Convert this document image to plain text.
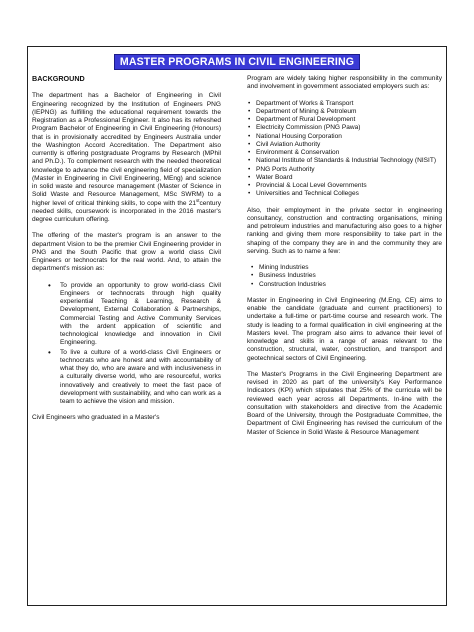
MASTER PROGRAMS IN CIVIL ENGINEERING
BACKGROUND

The department has a Bachelor of Engineering in Civil Engineering recognized by the Institution of Engineers PNG (IEPNG) as fulfilling the educational requirement towards the Registration as a Professional Engineer. It also has its refreshed Program Bachelor of Engineering in Civil Engineering (Honours) that is in provisionally accredited by Engineers Australia under the Washington Accord Accreditation. The Department also currently is offering postgraduate Programs by Research (MPhil and Ph.D.). To complement research with the needed theoretical knowledge to advance the civil engineering field of specialization (Master in Engineering in Civil Engineering, MEng) and science in solid waste and resource management (Master of Science in Solid Waste and Resource Management, MSc SWRM) to a higher level of critical thinking skills, to cope with the 21stcentury needed skills, coursework is incorporated in the 2016 master's degree curriculum offering.

The offering of the master's program is an answer to the department Vision to be the premier Civil Engineering provider in PNG and the South Pacific that grow a world class Civil Engineers or technocrats for the real world. And, to attain the department's mission as:

• To provide an opportunity to grow world-class Civil Engineers or technocrats through high quality experiential Teaching & Learning, Research & Development, External Collaboration & Partnerships, Commercial Testing and Active Community Services with the ardent application of scientific and technological knowledge and innovation in Civil Engineering.
• To live a culture of a world-class Civil Engineers or technocrats who are honest and with accountability of what they do, who are aware and with inclusiveness in a culturally diverse world, who are resourceful, works innovatively and creatively to meet the fast pace of development with sustainability, and who can work as a team to achieve the vision and mission.

Civil Engineers who graduated in a Master's

Program are widely taking higher responsibility in the community and involvement in government associated employers such as:

• Department of Works & Transport
• Department of Mining & Petroleum
• Department of Rural Development
• Electricity Commission (PNG Pawa)
• National Housing Corporation
• Civil Aviation Authority
• Environment & Conservation
• National Institute of Standards & Industrial Technology (NISIT)
• PNG Ports Authority
• Water Board
• Provincial & Local Level Governments
• Universities and Technical Colleges

Also, their employment in the private sector in engineering consultancy, construction and contracting organisations, mining and petroleum industries and manufacturing also goes to a higher ranking and giving them more responsibility to take part in the shaping of the company they are in and the community they are serving. Such as to name a few:

• Mining Industries
• Business Industries
• Construction Industries

Master in Engineering in Civil Engineering (M.Eng, CE) aims to enable the candidate (graduate and current practitioners) to undertake a full-time or part-time course and research work. The study is leading to a formal qualification in civil engineering at the Masters level. The program also aims to advance their level of knowledge and skills in a range of areas relevant to the construction, structural, water, construction, and transport and geotechnical sectors of Civil Engineering.

The Master's Programs in the Civil Engineering Department are revised in 2020 as part of the university's Key Performance Indicators (KPI) which stipulates that 25% of the curricula will be reviewed each year across all Departments. In-line with the consultation with stakeholders and directive from the Academic Board of the University, through the Postgraduate Committee, the Department of Civil Engineering has revised the curriculum of the Master of Science in Solid Waste & Resource Management
